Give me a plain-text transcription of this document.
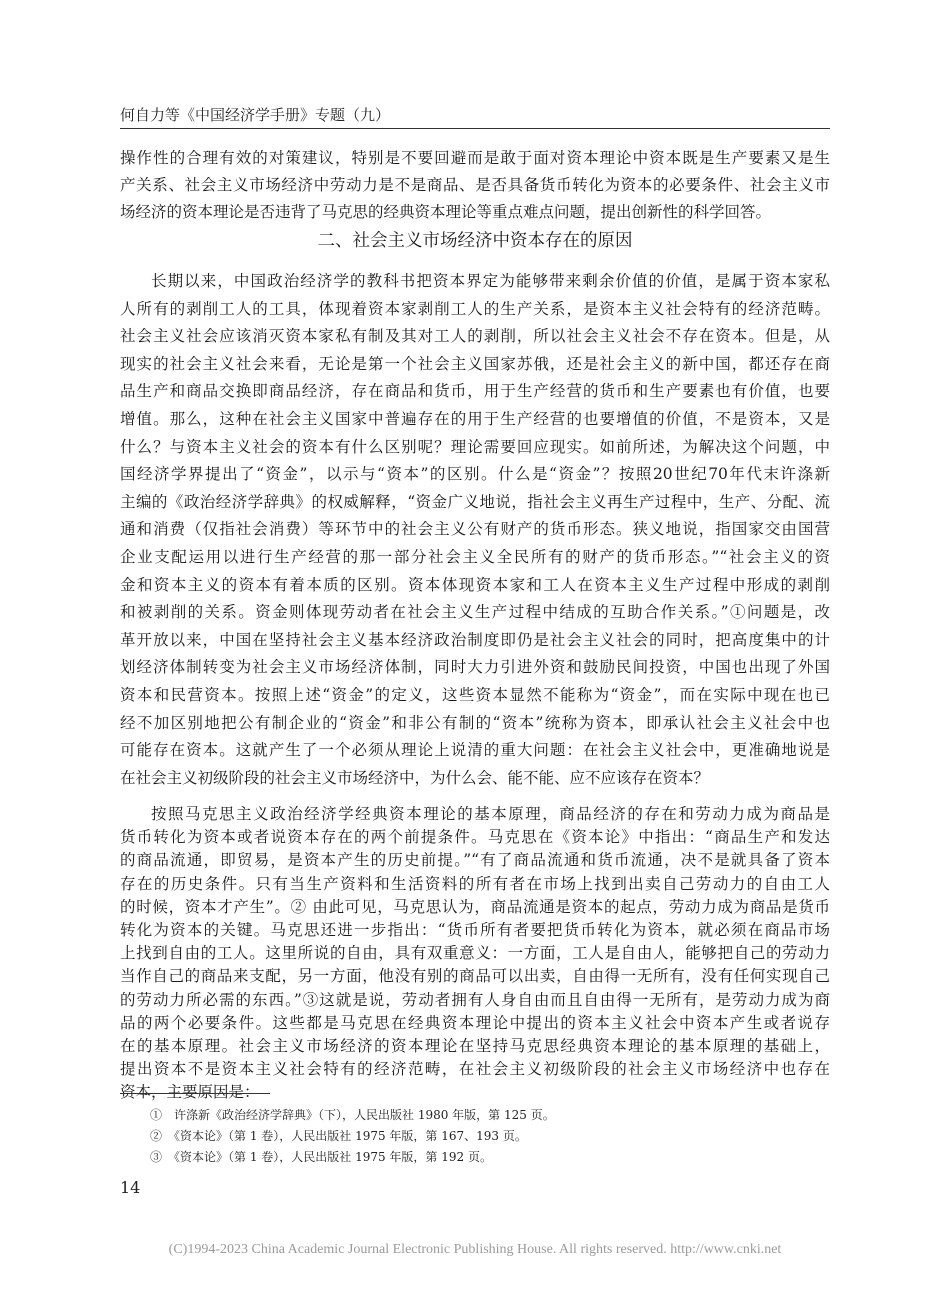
何自力等《中国经济学手册》专题（九）
操作性的合理有效的对策建议，特别是不要回避而是敢于面对资本理论中资本既是生产要素又是生
产关系、社会主义市场经济中劳动力是不是商品、是否具备货币转化为资本的必要条件、社会主义市
场经济的资本理论是否违背了马克思的经典资本理论等重点难点问题，提出创新性的科学回答。
二、社会主义市场经济中资本存在的原因
长期以来，中国政治经济学的教科书把资本界定为能够带来剩余价值的价值，是属于资本家私
人所有的剥削工人的工具，体现着资本家剥削工人的生产关系，是资本主义社会特有的经济范畴。
社会主义社会应该消灭资本家私有制及其对工人的剥削，所以社会主义社会不存在资本。但是，从
现实的社会主义社会来看，无论是第一个社会主义国家苏俄，还是社会主义的新中国，都还存在商
品生产和商品交换即商品经济，存在商品和货币，用于生产经营的货币和生产要素也有价值，也要
增值。那么，这种在社会主义国家中普遍存在的用于生产经营的也要增值的价值，不是资本，又是
什么？与资本主义社会的资本有什么区别呢？理论需要回应现实。如前所述，为解决这个问题，中
国经济学界提出了“资金”，以示与“资本”的区别。什么是“资金”？按照20世纪70年代末许涤新
主编的《政治经济学辞典》的权威解释，“资金广义地说，指社会主义再生产过程中，生产、分配、流
通和消费（仅指社会消费）等环节中的社会主义公有财产的货币形态。狭义地说，指国家交由国营
企业支配运用以进行生产经营的那一部分社会主义全民所有的财产的货币形态。”“社会主义的资
金和资本主义的资本有着本质的区别。资本体现资本家和工人在资本主义生产过程中形成的剥削
和被剥削的关系。资金则体现劳动者在社会主义生产过程中结成的互助合作关系。”①问题是，改
革开放以来，中国在坚持社会主义基本经济政治制度即仍是社会主义社会的同时，把高度集中的计
划经济体制转变为社会主义市场经济体制，同时大力引进外资和鼓励民间投资，中国也出现了外国
资本和民营资本。按照上述“资金”的定义，这些资本显然不能称为“资金”，而在实际中现在也已
经不加区别地把公有制企业的“资金”和非公有制的“资本”统称为资本，即承认社会主义社会中也
可能存在资本。这就产生了一个必须从理论上说清的重大问题：在社会主义社会中，更准确地说是
在社会主义初级阶段的社会主义市场经济中，为什么会、能不能、应不应该存在资本？
按照马克思主义政治经济学经典资本理论的基本原理，商品经济的存在和劳动力成为商品是
货币转化为资本或者说资本存在的两个前提条件。马克思在《资本论》中指出：“商品生产和发达
的商品流通，即贸易，是资本产生的历史前提。”“有了商品流通和货币流通，决不是就具备了资本
存在的历史条件。只有当生产资料和生活资料的所有者在市场上找到出卖自己劳动力的自由工人
的时候，资本才产生”。② 由此可见，马克思认为，商品流通是资本的起点，劳动力成为商品是货币
转化为资本的关键。马克思还进一步指出：“货币所有者要把货币转化为资本，就必须在商品市场
上找到自由的工人。这里所说的自由，具有双重意义：一方面，工人是自由人，能够把自己的劳动力
当作自己的商品来支配，另一方面，他没有别的商品可以出卖，自由得一无所有，没有任何实现自己
的劳动力所必需的东西。”③这就是说，劳动者拥有人身自由而且自由得一无所有，是劳动力成为商
品的两个必要条件。这些都是马克思在经典资本理论中提出的资本主义社会中资本产生或者说存
在的基本原理。社会主义市场经济的资本理论在坚持马克思经典资本理论的基本原理的基础上，
提出资本不是资本主义社会特有的经济范畴，在社会主义初级阶段的社会主义市场经济中也存在
资本，主要原因是：
①　许涤新《政治经济学辞典》（下），人民出版社 1980 年版，第 125 页。
②　《资本论》（第 1 卷），人民出版社 1975 年版，第 167、193 页。
③　《资本论》（第 1 卷），人民出版社 1975 年版，第 192 页。
14
(C)1994-2023 China Academic Journal Electronic Publishing House. All rights reserved. http://www.cnki.net
